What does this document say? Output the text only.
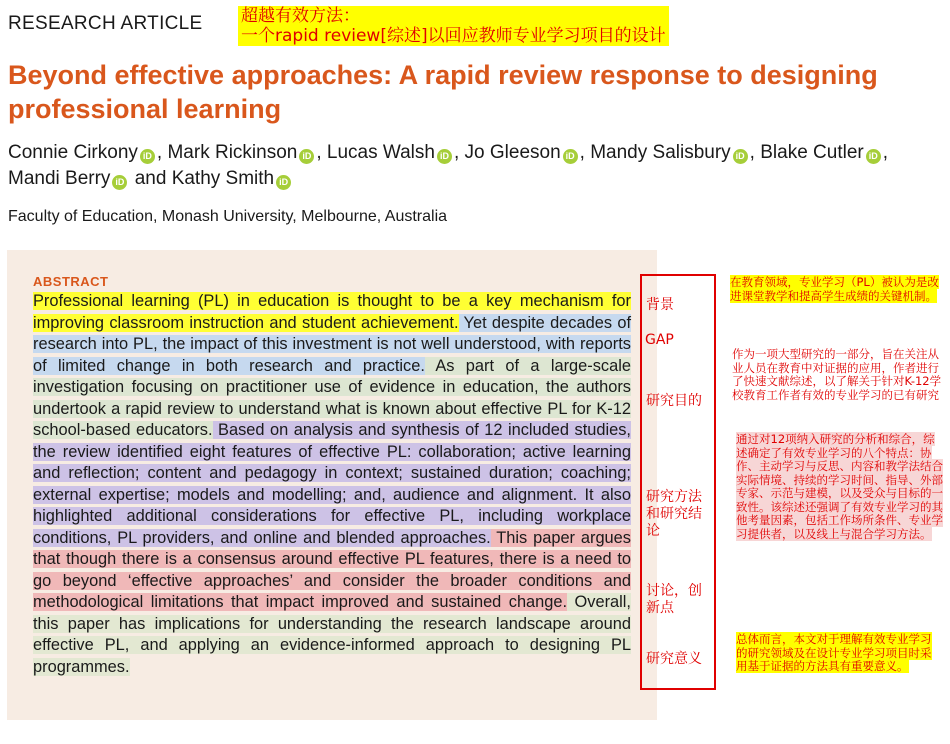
RESEARCH ARTICLE 超越有效方法：
一个rapid review[综述]以回应教师专业学习项目的设计
Beyond effective approaches: A rapid review response to designing professional learning
Connie Cirkony iD , Mark Rickinson iD , Lucas Walsh iD , Jo Gleeson iD , Mandy Salisbury iD , Blake Cutler iD , Mandi Berry iD and Kathy Smith iD
Faculty of Education, Monash University, Melbourne, Australia
ABSTRACT
Professional learning (PL) in education is thought to be a key mechanism for improving classroom instruction and student achievement. Yet despite decades of research into PL, the impact of this investment is not well understood, with reports of limited change in both research and practice. As part of a large-scale investigation focusing on practitioner use of evidence in education, the authors undertook a rapid review to understand what is known about effective PL for K-12 school-based educators. Based on analysis and synthesis of 12 included studies, the review identified eight features of effective PL: collaboration; active learning and reflection; content and pedagogy in context; sustained duration; coaching; external expertise; models and modelling; and, audience and alignment. It also highlighted additional considerations for effective PL, including workplace conditions, PL providers, and online and blended approaches. This paper argues that though there is a consensus around effective PL features, there is a need to go beyond ‘effective approaches’ and consider the broader conditions and methodological limitations that impact improved and sustained change. Overall, this paper has implications for understanding the research landscape around effective PL, and applying an evidence-informed approach to designing PL programmes.
背景
GAP
研究目的
研究方法和研究结论
讨论，创新点
研究意义
在教育领域，专业学习（PL）被认为是改进课堂教学和提高学生成绩的关键机制。
作为一项大型研究的一部分，旨在关注从业人员在教育中对证据的应用，作者进行了快速文献综述，以了解关于针对K-12学校教育工作者有效的专业学习的已有研究
通过对12项纳入研究的分析和综合，综述确定了有效专业学习的八个特点：协作、主动学习与反思、内容和教学法结合实际情境、持续的学习时间、指导、外部专家、示范与建模，以及受众与目标的一致性。该综述还强调了有效专业学习的其他考量因素，包括工作场所条件、专业学习提供者，以及线上与混合学习方法。
总体而言，本文对于理解有效专业学习的研究领域及在设计专业学习项目时采用基于证据的方法具有重要意义。
